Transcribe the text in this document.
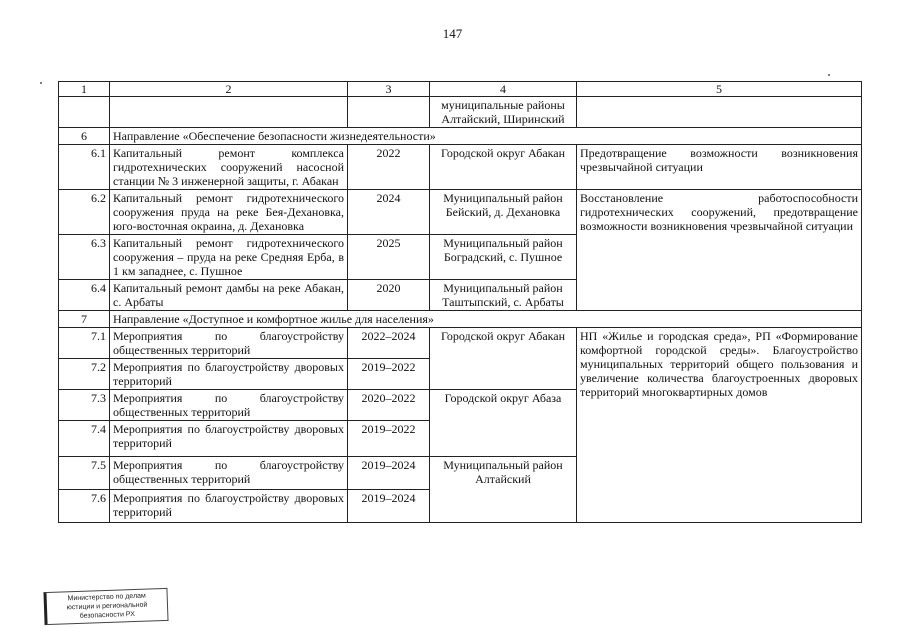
147
1	2	3	4	5
			муниципальные районы Алтайский, Ширинский	
6	Направление «Обеспечение безопасности жизнедеятельности»			
6.1	Капитальный ремонт комплекса гидротехнических сооружений насосной станции № 3 инженерной защиты, г. Абакан	2022	Городской округ Абакан	Предотвращение возможности возникновения чрезвычайной ситуации
6.2	Капитальный ремонт гидротехнического сооружения пруда на реке Бея-Дехановка, юго-восточная окраина, д. Дехановка	2024	Муниципальный район Бейский, д. Дехановка	Восстановление работоспособности гидротехнических сооружений, предотвращение возможности возникновения чрезвычайной ситуации
6.3	Капитальный ремонт гидротехнического сооружения – пруда на реке Средняя Ерба, в 1 км западнее, с. Пушное	2025	Муниципальный район Боградский, с. Пушное	
6.4	Капитальный ремонт дамбы на реке Абакан, с. Арбаты	2020	Муниципальный район Таштыпский, с. Арбаты	
7	Направление «Доступное и комфортное жилье для населения»			
7.1	Мероприятия по благоустройству общественных территорий	2022–2024	Городской округ Абакан	НП «Жилье и городская среда», РП «Формирование комфортной городской среды». Благоустройство муниципальных территорий общего пользования и увеличение количества благоустроенных дворовых территорий многоквартирных домов
7.2	Мероприятия по благоустройству дворовых территорий	2019–2022		
7.3	Мероприятия по благоустройству общественных территорий	2020–2022	Городской округ Абаза	
7.4	Мероприятия по благоустройству дворовых территорий	2019–2022		
7.5	Мероприятия по благоустройству общественных территорий	2019–2024	Муниципальный район Алтайский	
7.6	Мероприятия по благоустройству дворовых территорий	2019–2024		
Министерство по делам
юстиции и региональной
безопасности РХ
